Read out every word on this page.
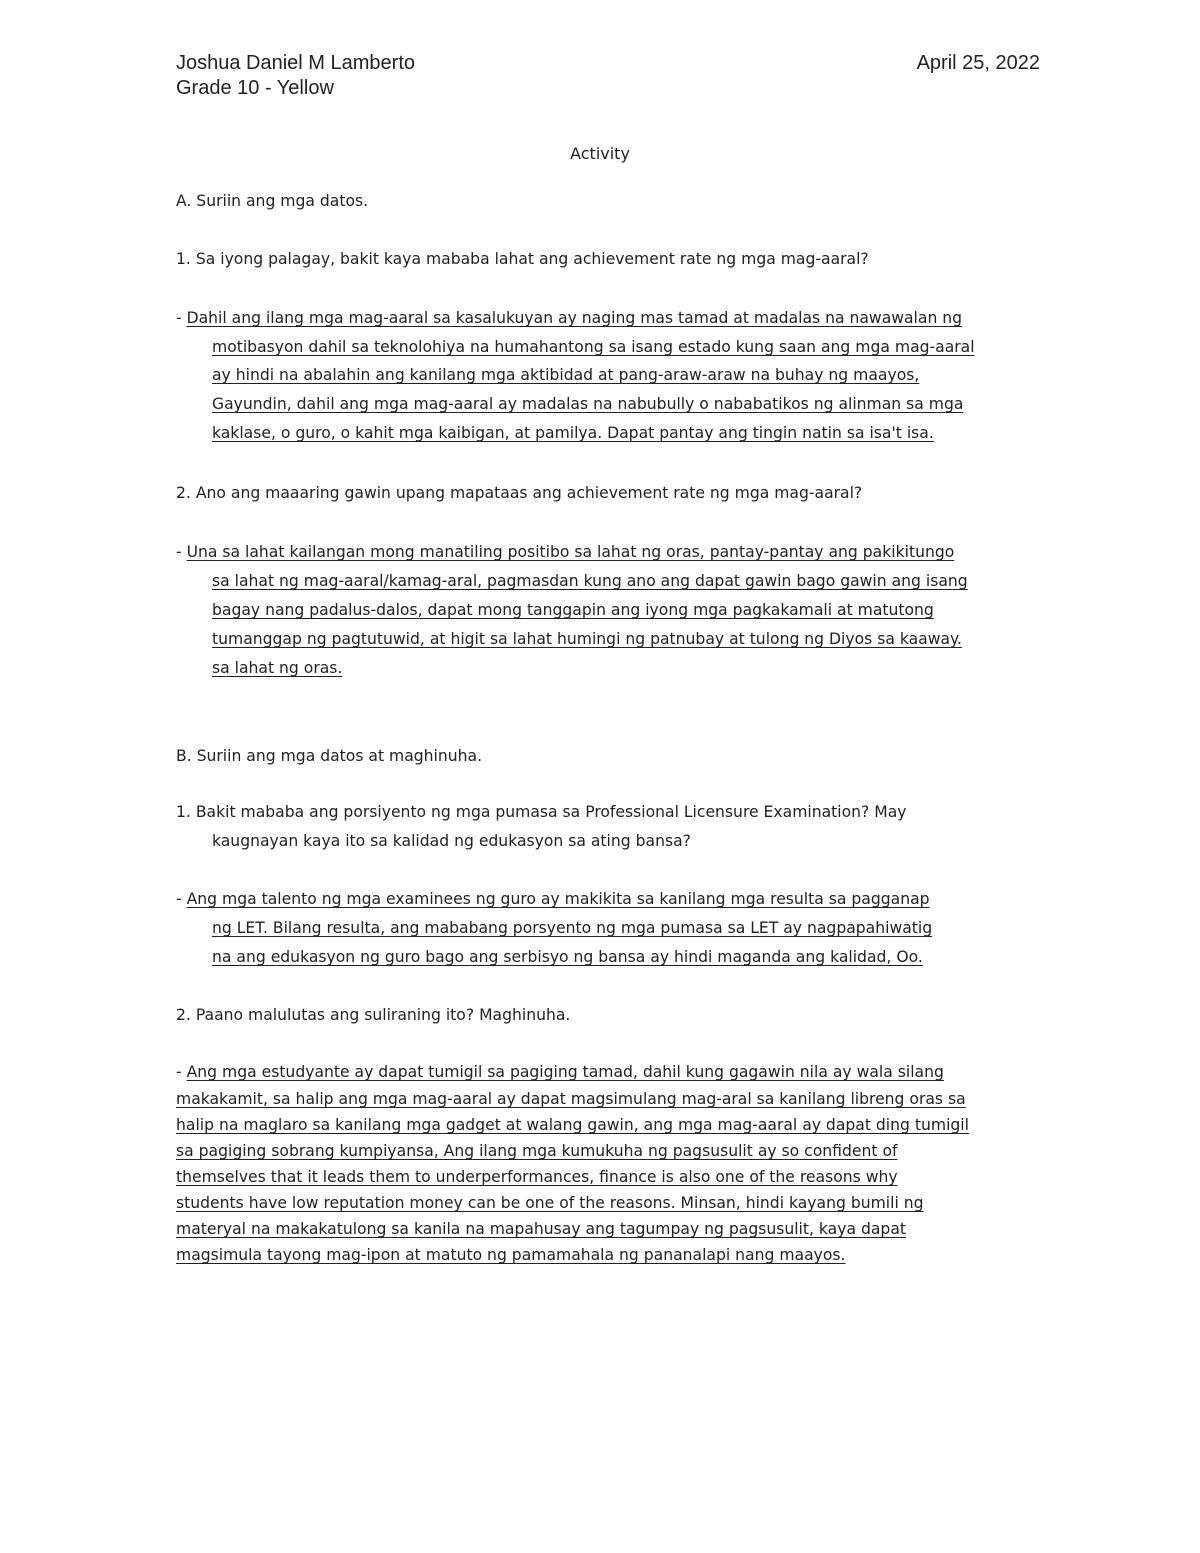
Joshua Daniel M Lamberto
Grade 10 - Yellow
April 25, 2022
Activity
A. Suriin ang mga datos.
1. Sa iyong palagay, bakit kaya mababa lahat ang achievement rate ng mga mag-aaral?
- Dahil ang ilang mga mag-aaral sa kasalukuyan ay naging mas tamad at madalas na nawawalan ng
motibasyon dahil sa teknolohiya na humahantong sa isang estado kung saan ang mga mag-aaral
ay hindi na abalahin ang kanilang mga aktibidad at pang-araw-araw na buhay ng maayos,
Gayundin, dahil ang mga mag-aaral ay madalas na nabubully o nababatikos ng alinman sa mga
kaklase, o guro, o kahit mga kaibigan, at pamilya. Dapat pantay ang tingin natin sa isa't isa.
2. Ano ang maaaring gawin upang mapataas ang achievement rate ng mga mag-aaral?
- Una sa lahat kailangan mong manatiling positibo sa lahat ng oras, pantay-pantay ang pakikitungo
sa lahat ng mag-aaral/kamag-aral, pagmasdan kung ano ang dapat gawin bago gawin ang isang
bagay nang padalus-dalos, dapat mong tanggapin ang iyong mga pagkakamali at matutong
tumanggap ng pagtutuwid, at higit sa lahat humingi ng patnubay at tulong ng Diyos sa kaaway.
sa lahat ng oras.
B. Suriin ang mga datos at maghinuha.
1. Bakit mababa ang porsiyento ng mga pumasa sa Professional Licensure Examination? May
kaugnayan kaya ito sa kalidad ng edukasyon sa ating bansa?
- Ang mga talento ng mga examinees ng guro ay makikita sa kanilang mga resulta sa pagganap
ng LET. Bilang resulta, ang mababang porsyento ng mga pumasa sa LET ay nagpapahiwatig
na ang edukasyon ng guro bago ang serbisyo ng bansa ay hindi maganda ang kalidad, Oo.
2. Paano malulutas ang suliraning ito? Maghinuha.
- Ang mga estudyante ay dapat tumigil sa pagiging tamad, dahil kung gagawin nila ay wala silang
makakamit, sa halip ang mga mag-aaral ay dapat magsimulang mag-aral sa kanilang libreng oras sa
halip na maglaro sa kanilang mga gadget at walang gawin, ang mga mag-aaral ay dapat ding tumigil
sa pagiging sobrang kumpiyansa, Ang ilang mga kumukuha ng pagsusulit ay so confident of
themselves that it leads them to underperformances, finance is also one of the reasons why
students have low reputation money can be one of the reasons. Minsan, hindi kayang bumili ng
materyal na makakatulong sa kanila na mapahusay ang tagumpay ng pagsusulit, kaya dapat
magsimula tayong mag-ipon at matuto ng pamamahala ng pananalapi nang maayos.
